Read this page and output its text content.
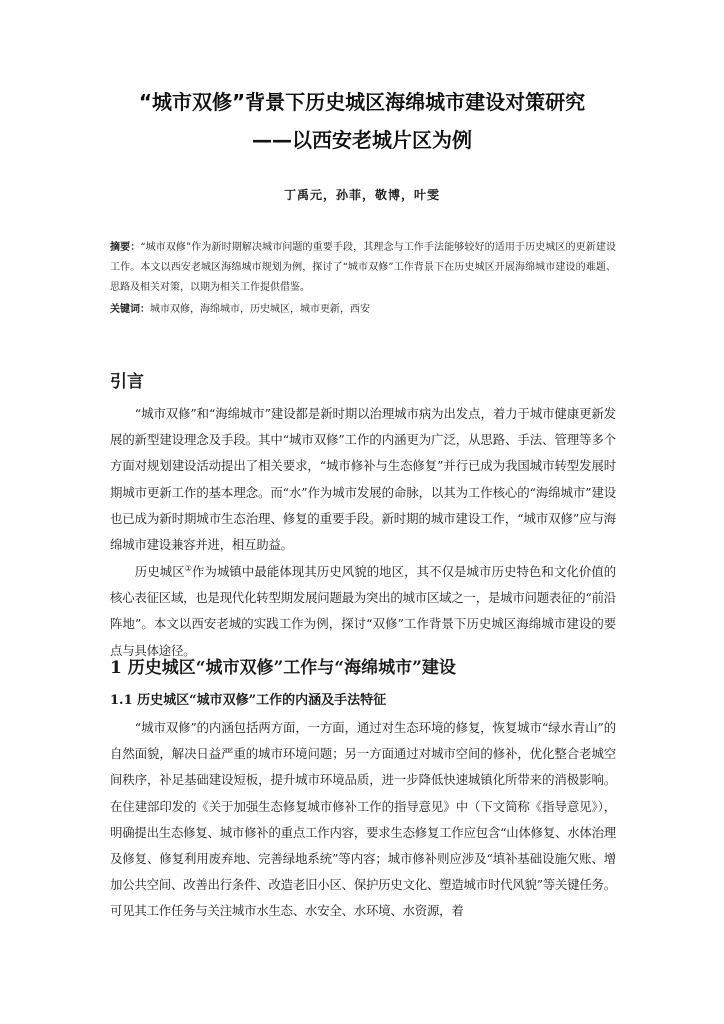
“城市双修”背景下历史城区海绵城市建设对策研究
——以西安老城片区为例
丁禹元，孙菲，敬博，叶雯

摘要：“城市双修”作为新时期解决城市问题的重要手段，其理念与工作手法能够较好的适用于历史城区的更新建设工作。本文以西安老城区海绵城市规划为例，探讨了“城市双修”工作背景下在历史城区开展海绵城市建设的难题、思路及相关对策，以期为相关工作提供借鉴。

关键词：城市双修，海绵城市，历史城区，城市更新，西安

引言

“城市双修”和“海绵城市”建设都是新时期以治理城市病为出发点，着力于城市健康更新发展的新型建设理念及手段。其中“城市双修”工作的内涵更为广泛，从思路、手法、管理等多个方面对规划建设活动提出了相关要求，“城市修补与生态修复”并行已成为我国城市转型发展时期城市更新工作的基本理念。而“水”作为城市发展的命脉，以其为工作核心的“海绵城市”建设也已成为新时期城市生态治理、修复的重要手段。新时期的城市建设工作，“城市双修”应与海绵城市建设兼容并进，相互助益。

历史城区①作为城镇中最能体现其历史风貌的地区，其不仅是城市历史特色和文化价值的核心表征区域，也是现代化转型期发展问题最为突出的城市区域之一，是城市问题表征的“前沿阵地”。本文以西安老城的实践工作为例，探讨“双修”工作背景下历史城区海绵城市建设的要点与具体途径。

1 历史城区“城市双修”工作与“海绵城市”建设
1.1 历史城区“城市双修”工作的内涵及手法特征

“城市双修”的内涵包括两方面，一方面，通过对生态环境的修复，恢复城市“绿水青山”的自然面貌，解决日益严重的城市环境问题；另一方面通过对城市空间的修补，优化整合老城空间秩序，补足基础建设短板，提升城市环境品质，进一步降低快速城镇化所带来的消极影响。在住建部印发的《关于加强生态修复城市修补工作的指导意见》中（下文简称《指导意见》），明确提出生态修复、城市修补的重点工作内容，要求生态修复工作应包含“山体修复、水体治理及修复、修复利用废弃地、完善绿地系统”等内容；城市修补则应涉及“填补基础设施欠账、增加公共空间、改善出行条件、改造老旧小区、保护历史文化、塑造城市时代风貌”等关键任务。可见其工作任务与关注城市水生态、水安全、水环境、水资源，着
